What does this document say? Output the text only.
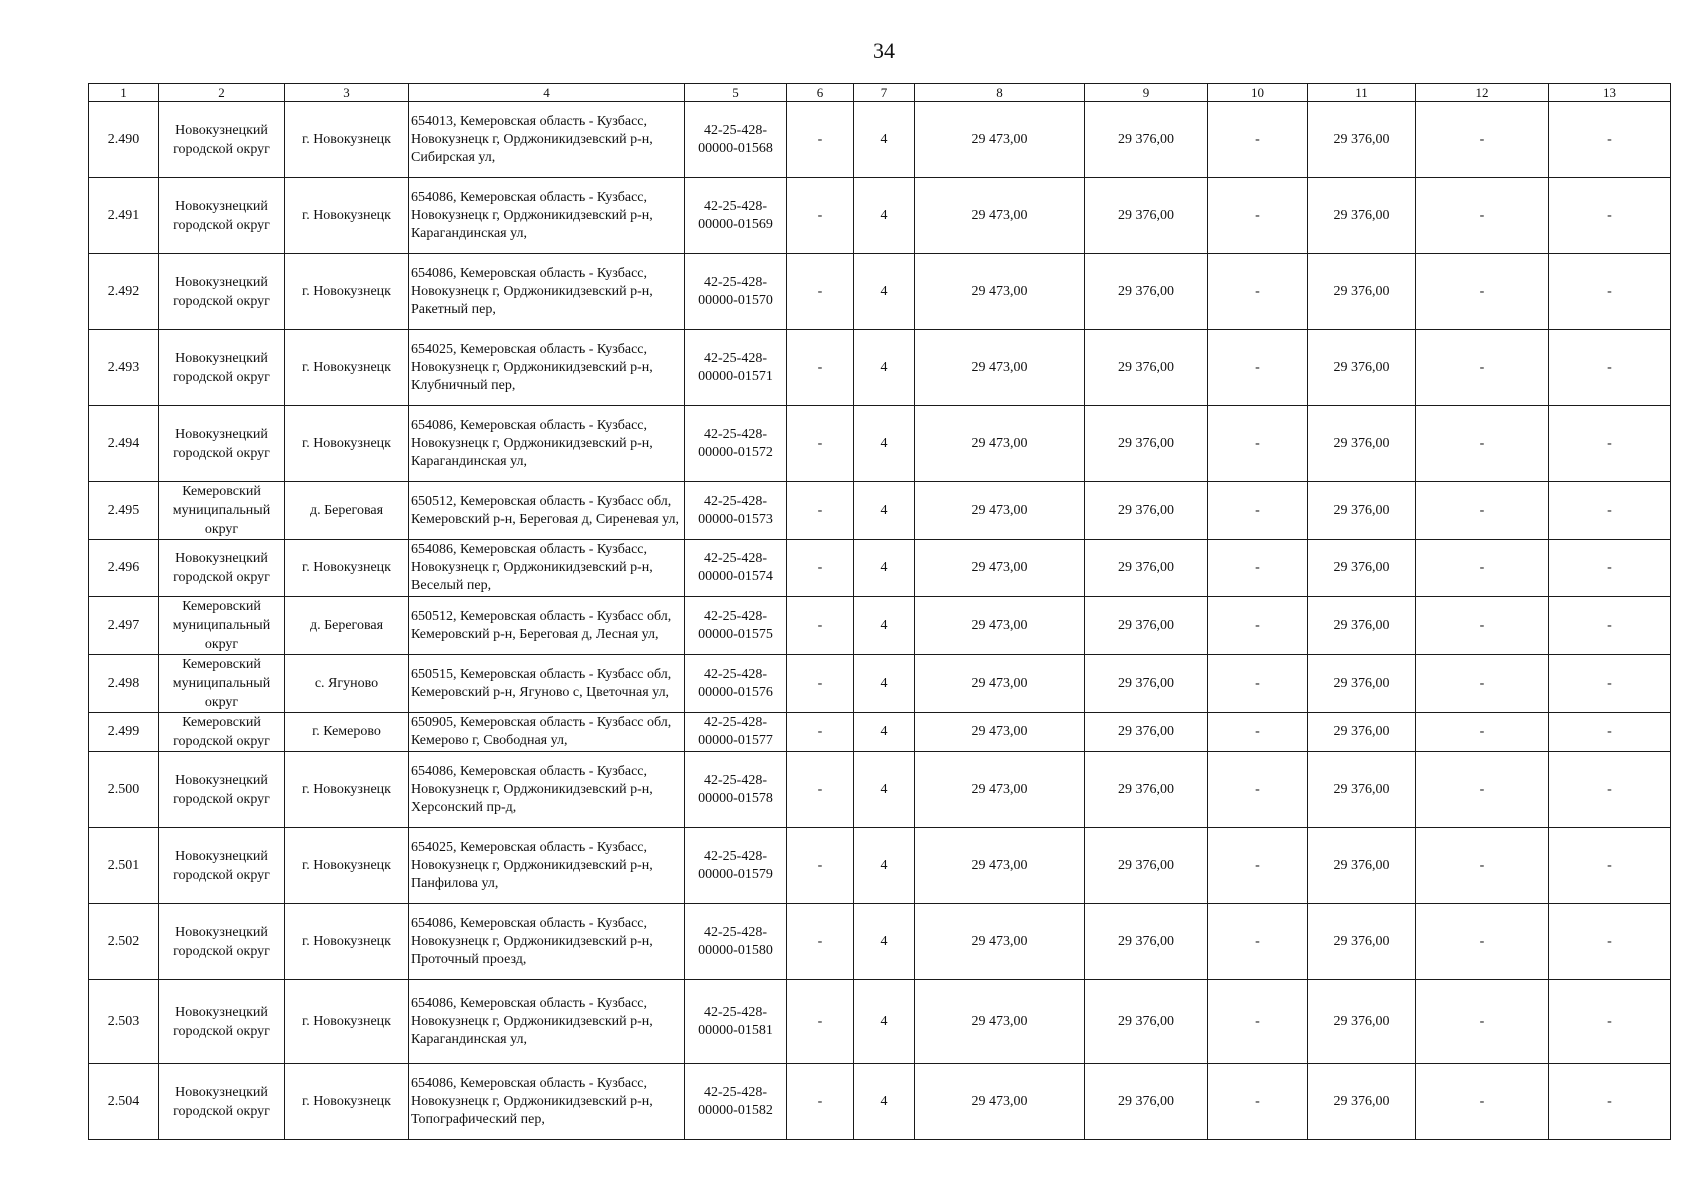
34
1	2	3	4	5	6	7	8	9	10	11	12	13
2.490	Новокузнецкий городской округ	г. Новокузнецк	654013, Кемеровская область - Кузбасс, Новокузнецк г, Орджоникидзевский р-н, Сибирская ул,	42-25-428-00000-01568	-	4	29 473,00	29 376,00	-	29 376,00	-	-
2.491	Новокузнецкий городской округ	г. Новокузнецк	654086, Кемеровская область - Кузбасс, Новокузнецк г, Орджоникидзевский р-н, Карагандинская ул,	42-25-428-00000-01569	-	4	29 473,00	29 376,00	-	29 376,00	-	-
2.492	Новокузнецкий городской округ	г. Новокузнецк	654086, Кемеровская область - Кузбасс, Новокузнецк г, Орджоникидзевский р-н, Ракетный пер,	42-25-428-00000-01570	-	4	29 473,00	29 376,00	-	29 376,00	-	-
2.493	Новокузнецкий городской округ	г. Новокузнецк	654025, Кемеровская область - Кузбасс, Новокузнецк г, Орджоникидзевский р-н, Клубничный пер,	42-25-428-00000-01571	-	4	29 473,00	29 376,00	-	29 376,00	-	-
2.494	Новокузнецкий городской округ	г. Новокузнецк	654086, Кемеровская область - Кузбасс, Новокузнецк г, Орджоникидзевский р-н, Карагандинская ул,	42-25-428-00000-01572	-	4	29 473,00	29 376,00	-	29 376,00	-	-
2.495	Кемеровский муниципальный округ	д. Береговая	650512, Кемеровская область - Кузбасс обл, Кемеровский р-н, Береговая д, Сиреневая ул,	42-25-428-00000-01573	-	4	29 473,00	29 376,00	-	29 376,00	-	-
2.496	Новокузнецкий городской округ	г. Новокузнецк	654086, Кемеровская область - Кузбасс, Новокузнецк г, Орджоникидзевский р-н, Веселый пер,	42-25-428-00000-01574	-	4	29 473,00	29 376,00	-	29 376,00	-	-
2.497	Кемеровский муниципальный округ	д. Береговая	650512, Кемеровская область - Кузбасс обл, Кемеровский р-н, Береговая д, Лесная ул,	42-25-428-00000-01575	-	4	29 473,00	29 376,00	-	29 376,00	-	-
2.498	Кемеровский муниципальный округ	с. Ягуново	650515, Кемеровская область - Кузбасс обл, Кемеровский р-н, Ягуново с, Цветочная ул,	42-25-428-00000-01576	-	4	29 473,00	29 376,00	-	29 376,00	-	-
2.499	Кемеровский городской округ	г. Кемерово	650905, Кемеровская область - Кузбасс обл, Кемерово г, Свободная ул,	42-25-428-00000-01577	-	4	29 473,00	29 376,00	-	29 376,00	-	-
2.500	Новокузнецкий городской округ	г. Новокузнецк	654086, Кемеровская область - Кузбасс, Новокузнецк г, Орджоникидзевский р-н, Херсонский пр-д,	42-25-428-00000-01578	-	4	29 473,00	29 376,00	-	29 376,00	-	-
2.501	Новокузнецкий городской округ	г. Новокузнецк	654025, Кемеровская область - Кузбасс, Новокузнецк г, Орджоникидзевский р-н, Панфилова ул,	42-25-428-00000-01579	-	4	29 473,00	29 376,00	-	29 376,00	-	-
2.502	Новокузнецкий городской округ	г. Новокузнецк	654086, Кемеровская область - Кузбасс, Новокузнецк г, Орджоникидзевский р-н, Проточный проезд,	42-25-428-00000-01580	-	4	29 473,00	29 376,00	-	29 376,00	-	-
2.503	Новокузнецкий городской округ	г. Новокузнецк	654086, Кемеровская область - Кузбасс, Новокузнецк г, Орджоникидзевский р-н, Карагандинская ул,	42-25-428-00000-01581	-	4	29 473,00	29 376,00	-	29 376,00	-	-
2.504	Новокузнецкий городской округ	г. Новокузнецк	654086, Кемеровская область - Кузбасс, Новокузнецк г, Орджоникидзевский р-н, Топографический пер,	42-25-428-00000-01582	-	4	29 473,00	29 376,00	-	29 376,00	-	-
